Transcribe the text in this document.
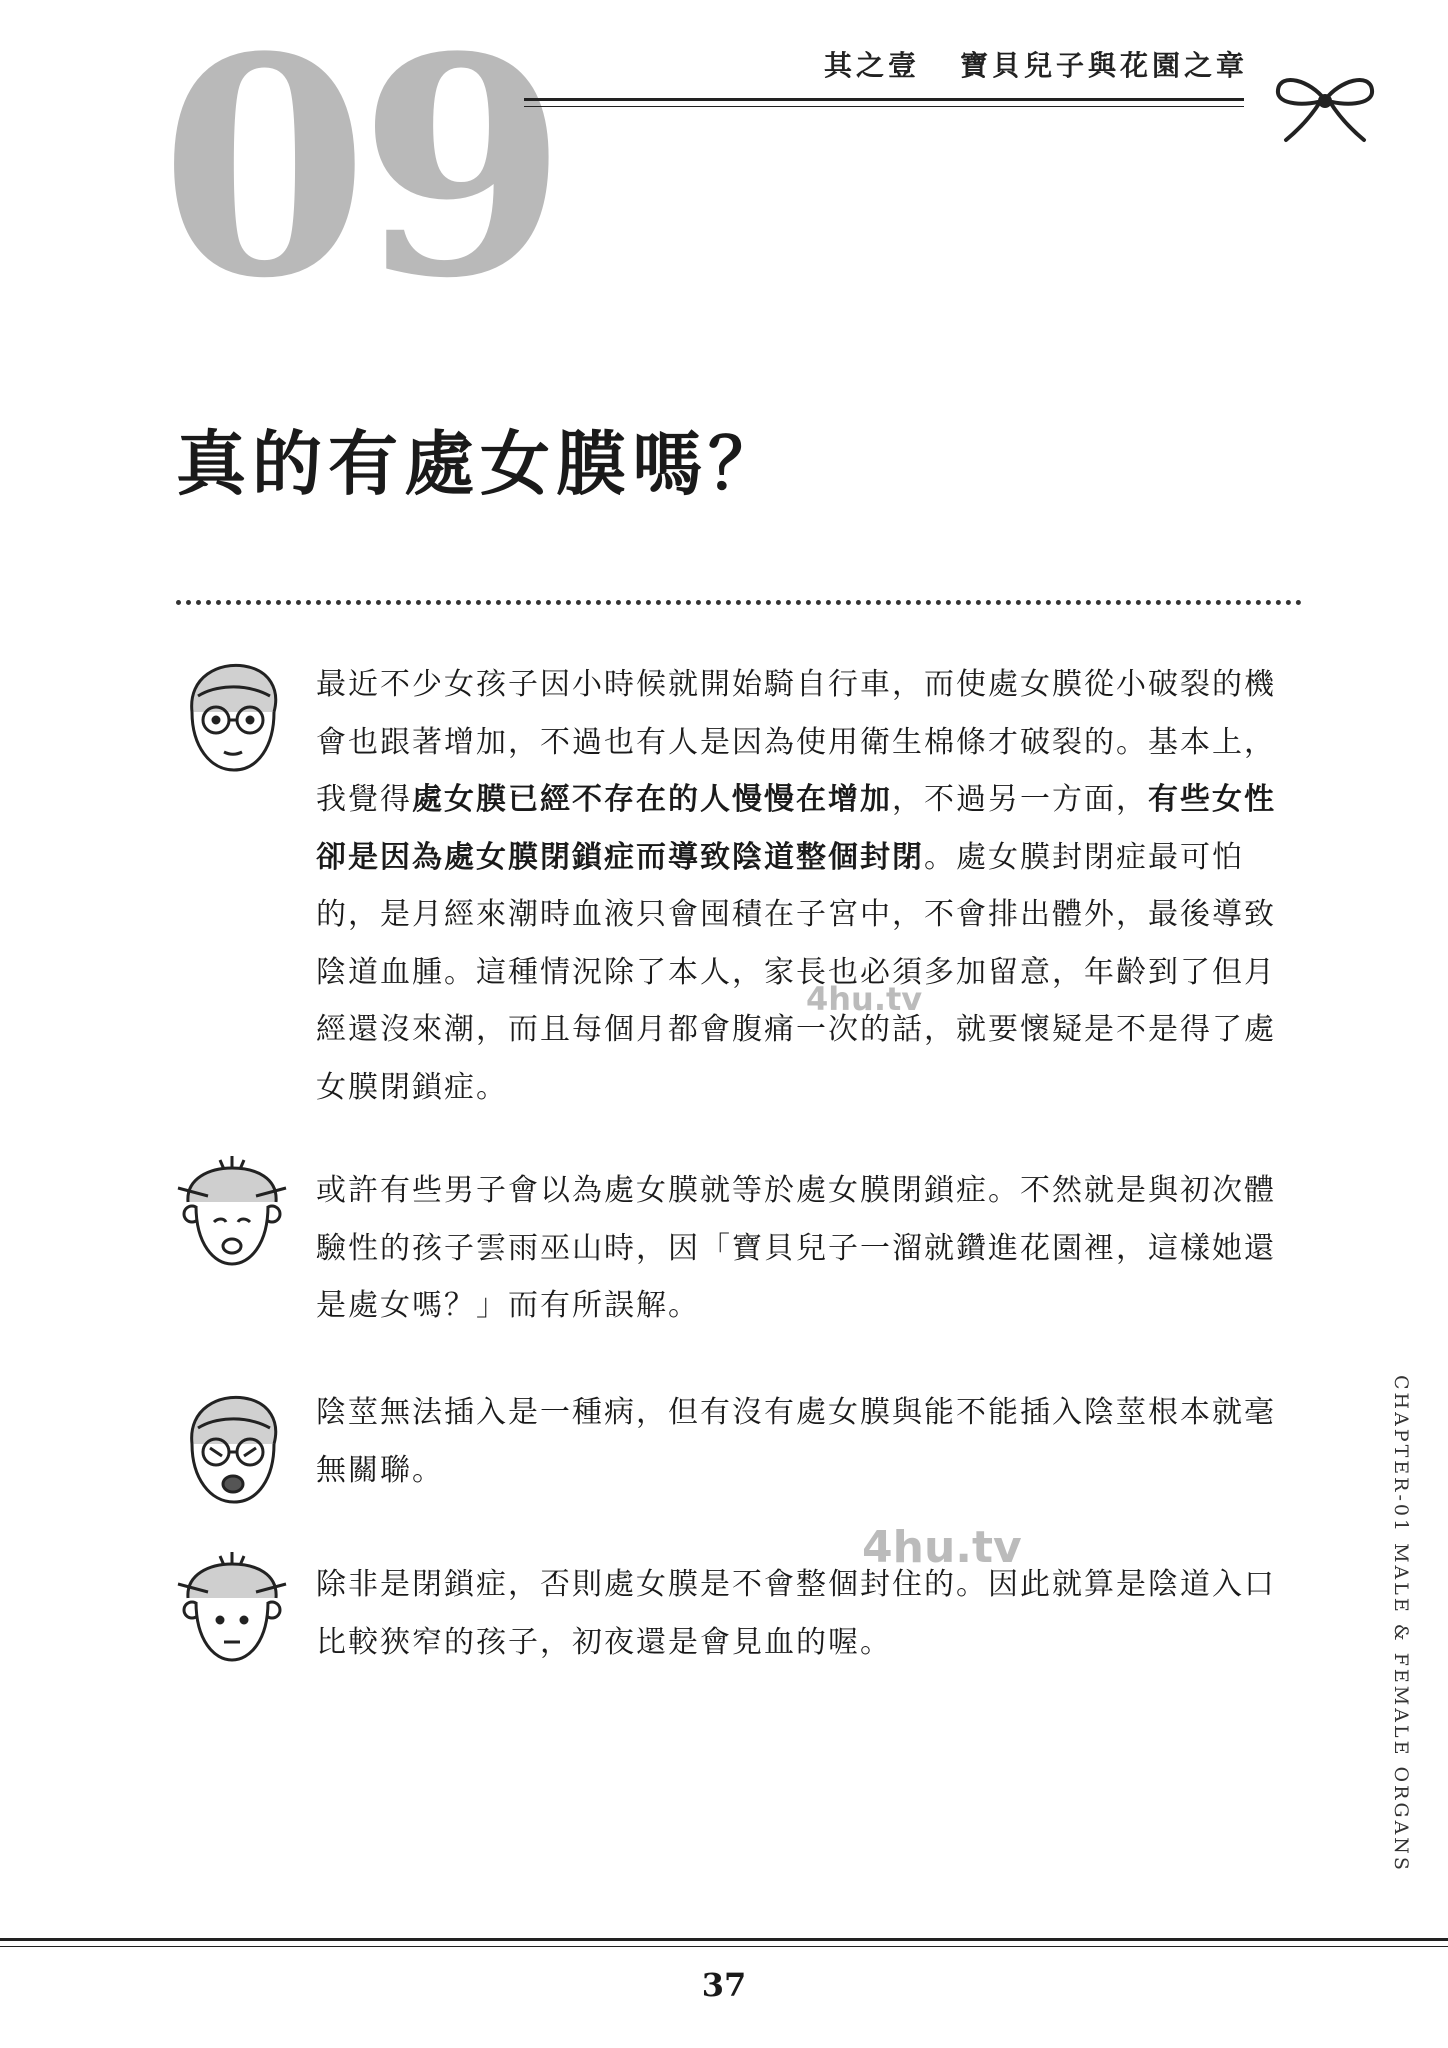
09	其之壹 寶貝兒子與花園之章
真的有處女膜嗎？

最近不少女孩子因小時候就開始騎自行車，而使處女膜從小破裂的機會也跟著增加，不過也有人是因為使用衛生棉條才破裂的。基本上，我覺得處女膜已經不存在的人慢慢在增加，不過另一方面，有些女性卻是因為處女膜閉鎖症而導致陰道整個封閉。處女膜封閉症最可怕的，是月經來潮時血液只會囤積在子宮中，不會排出體外，最後導致陰道血腫。這種情況除了本人，家長也必須多加留意，年齡到了但月經還沒來潮，而且每個月都會腹痛一次的話，就要懷疑是不是得了處女膜閉鎖症。

或許有些男子會以為處女膜就等於處女膜閉鎖症。不然就是與初次體驗性的孩子雲雨巫山時，因「寶貝兒子一溜就鑽進花園裡，這樣她還是處女嗎？」而有所誤解。

陰莖無法插入是一種病，但有沒有處女膜與能不能插入陰莖根本就毫無關聯。

除非是閉鎖症，否則處女膜是不會整個封住的。因此就算是陰道入口比較狹窄的孩子，初夜還是會見血的喔。

4hu.tv
4hu.tv	CHAPTER-01 MALE & FEMALE ORGANS
37
